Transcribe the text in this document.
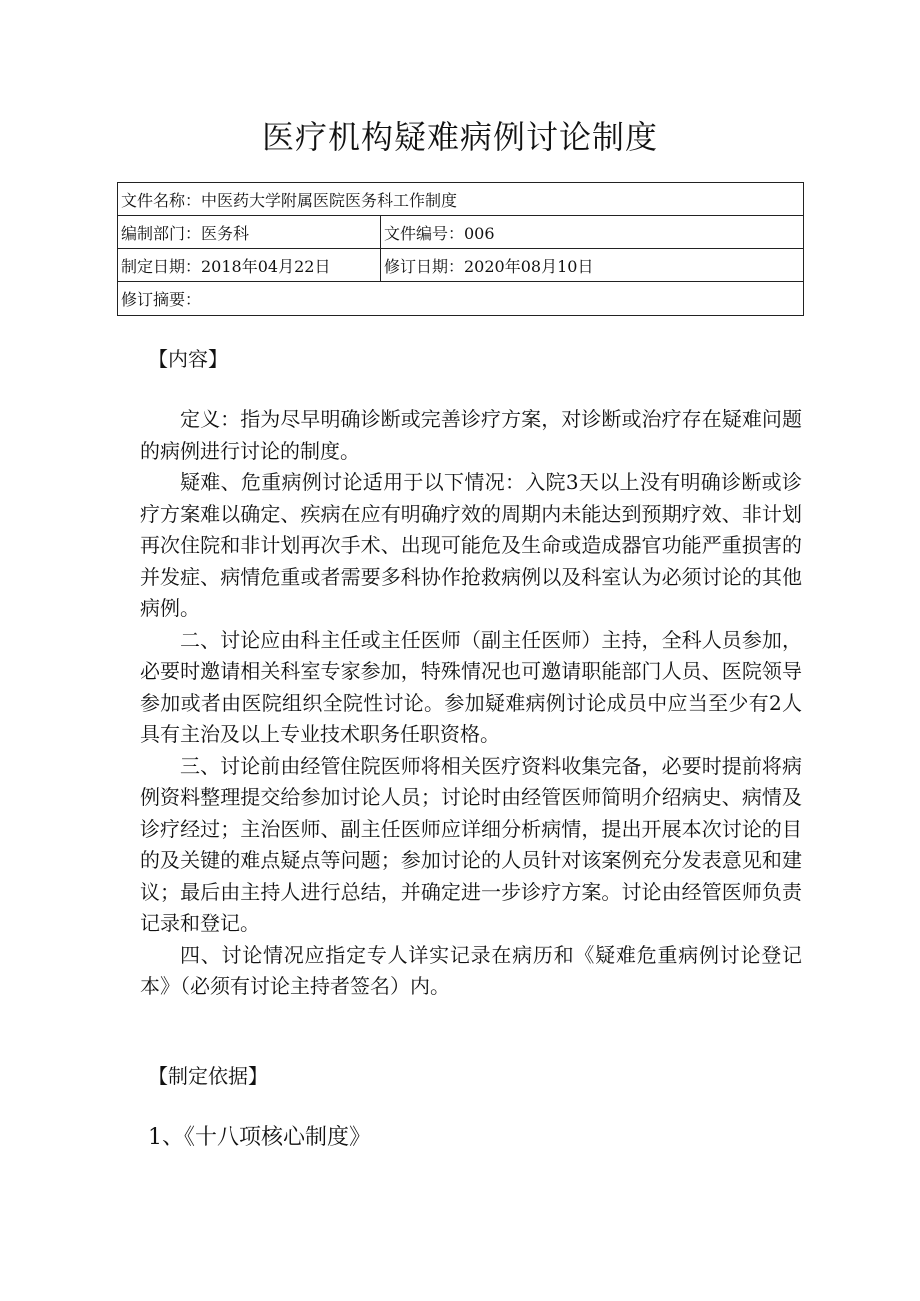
医疗机构疑难病例讨论制度
文件名称：中医药大学附属医院医务科工作制度	
编制部门：医务科	文件编号：006
制定日期：2018年04月22日	修订日期：2020年08月10日
修订摘要：	
【内容】

定义：指为尽早明确诊断或完善诊疗方案，对诊断或治疗存在疑难问题的病例进行讨论的制度。

疑难、危重病例讨论适用于以下情况：入院3天以上没有明确诊断或诊疗方案难以确定、疾病在应有明确疗效的周期内未能达到预期疗效、非计划再次住院和非计划再次手术、出现可能危及生命或造成器官功能严重损害的并发症、病情危重或者需要多科协作抢救病例以及科室认为必须讨论的其他病例。

二、讨论应由科主任或主任医师（副主任医师）主持，全科人员参加，必要时邀请相关科室专家参加，特殊情况也可邀请职能部门人员、医院领导参加或者由医院组织全院性讨论。参加疑难病例讨论成员中应当至少有2人具有主治及以上专业技术职务任职资格。

三、讨论前由经管住院医师将相关医疗资料收集完备，必要时提前将病例资料整理提交给参加讨论人员；讨论时由经管医师简明介绍病史、病情及诊疗经过；主治医师、副主任医师应详细分析病情，提出开展本次讨论的目的及关键的难点疑点等问题；参加讨论的人员针对该案例充分发表意见和建议；最后由主持人进行总结，并确定进一步诊疗方案。讨论由经管医师负责记录和登记。

四、讨论情况应指定专人详实记录在病历和《疑难危重病例讨论登记本》（必须有讨论主持者签名）内。

【制定依据】
1、《十八项核心制度》
